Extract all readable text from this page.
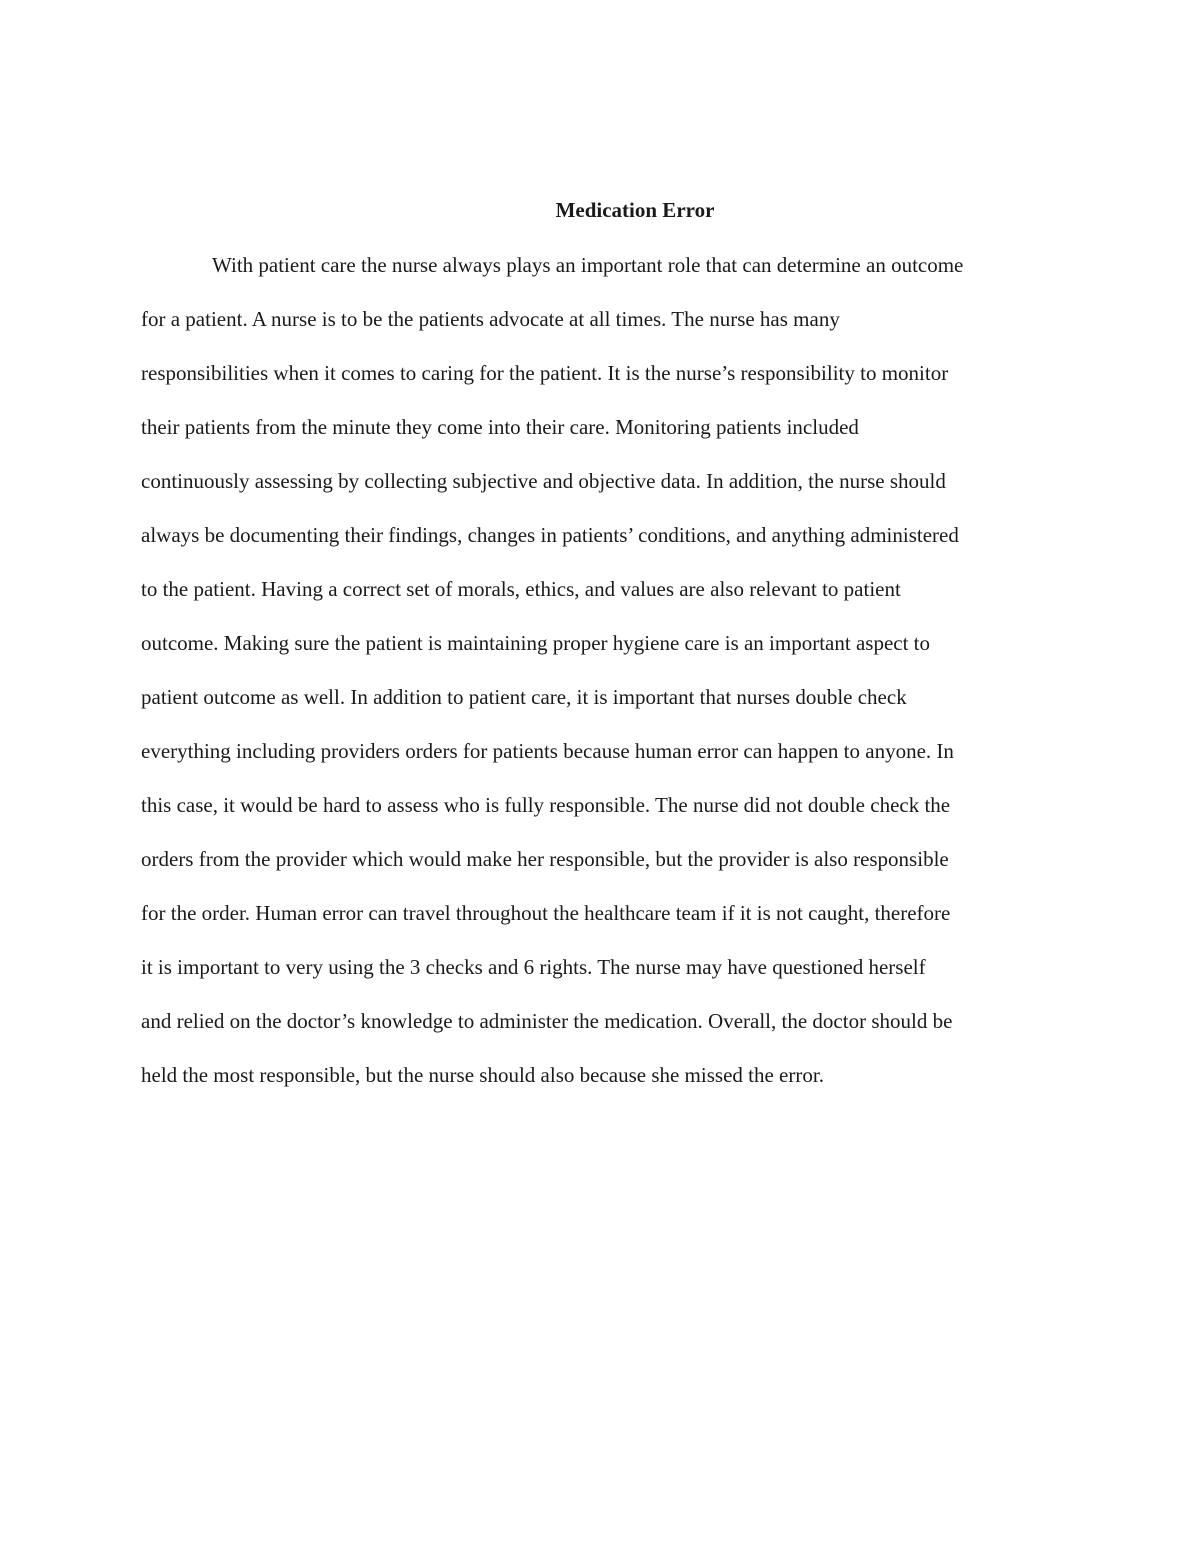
Medication Error

With patient care the nurse always plays an important role that can determine an outcome

for a patient. A nurse is to be the patients advocate at all times. The nurse has many

responsibilities when it comes to caring for the patient. It is the nurse’s responsibility to monitor

their patients from the minute they come into their care. Monitoring patients included

continuously assessing by collecting subjective and objective data. In addition, the nurse should

always be documenting their findings, changes in patients’ conditions, and anything administered

to the patient. Having a correct set of morals, ethics, and values are also relevant to patient

outcome. Making sure the patient is maintaining proper hygiene care is an important aspect to

patient outcome as well. In addition to patient care, it is important that nurses double check

everything including providers orders for patients because human error can happen to anyone. In

this case, it would be hard to assess who is fully responsible. The nurse did not double check the

orders from the provider which would make her responsible, but the provider is also responsible

for the order. Human error can travel throughout the healthcare team if it is not caught, therefore

it is important to very using the 3 checks and 6 rights. The nurse may have questioned herself

and relied on the doctor’s knowledge to administer the medication. Overall, the doctor should be

held the most responsible, but the nurse should also because she missed the error.
